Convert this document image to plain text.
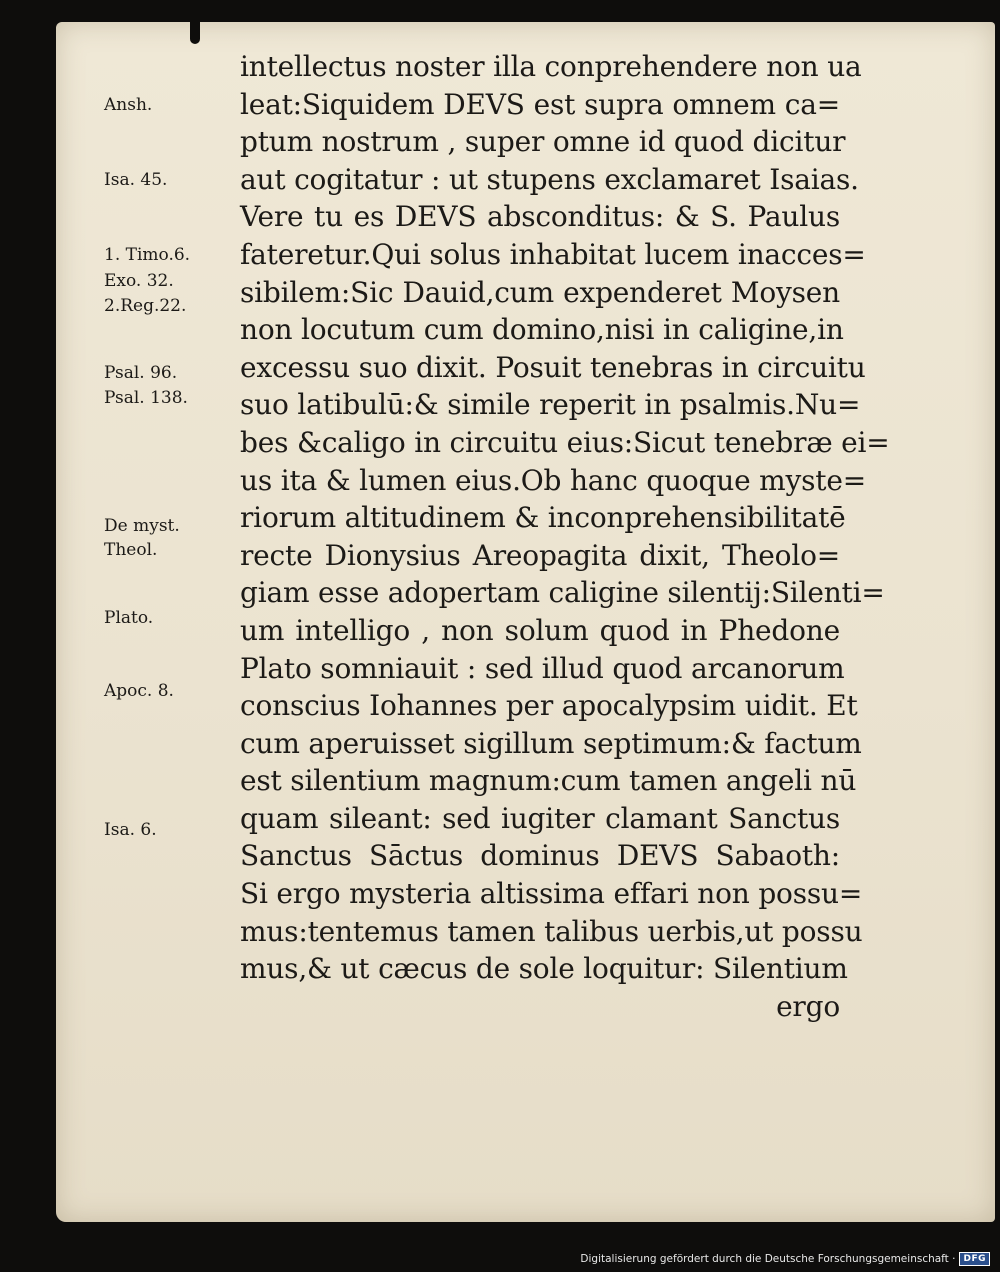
intellectus noster illa conprehendere non ua
leat:Siquidem DEVS est supra omnem ca=
ptum nostrum , super omne id quod dicitur
aut cogitatur : ut stupens exclamaret Isaias.
Vere tu es DEVS absconditus: & S. Paulus
fateretur.Qui solus inhabitat lucem inacces=
sibilem:Sic Dauid,cum expenderet Moysen
non locutum cum domino,nisi in caligine,in
excessu suo dixit. Posuit tenebras in circuitu
suo latibulū:& simile reperit in psalmis.Nu=
bes &caligo in circuitu eius:Sicut tenebræ ei=
us ita & lumen eius.Ob hanc quoque myste=
riorum altitudinem & inconprehensibilitatē
recte Dionysius Areopagita dixit, Theolo=
giam esse adopertam caligine silentij:Silenti=
um intelligo , non solum quod in Phedone
Plato somniauit : sed illud quod arcanorum
conscius Iohannes per apocalypsim uidit. Et
cum aperuisset sigillum septimum:& factum
est silentium magnum:cum tamen angeli nū
quam sileant: sed iugiter clamant Sanctus
Sanctus Sāctus dominus DEVS Sabaoth:
Si ergo mysteria altissima effari non possu=
mus:tentemus tamen talibus uerbis,ut possu
mus,& ut cæcus de sole loquitur: Silentium
ergo
Ansh.
Isa. 45.
1. Timo.6.
Exo. 32.
2.Reg.22.
Psal. 96.
Psal. 138.
De myst.
Theol.
Plato.
Apoc. 8.
Isa. 6.
Digitalisierung gefördert durch die Deutsche Forschungsgemeinschaft · DFG
